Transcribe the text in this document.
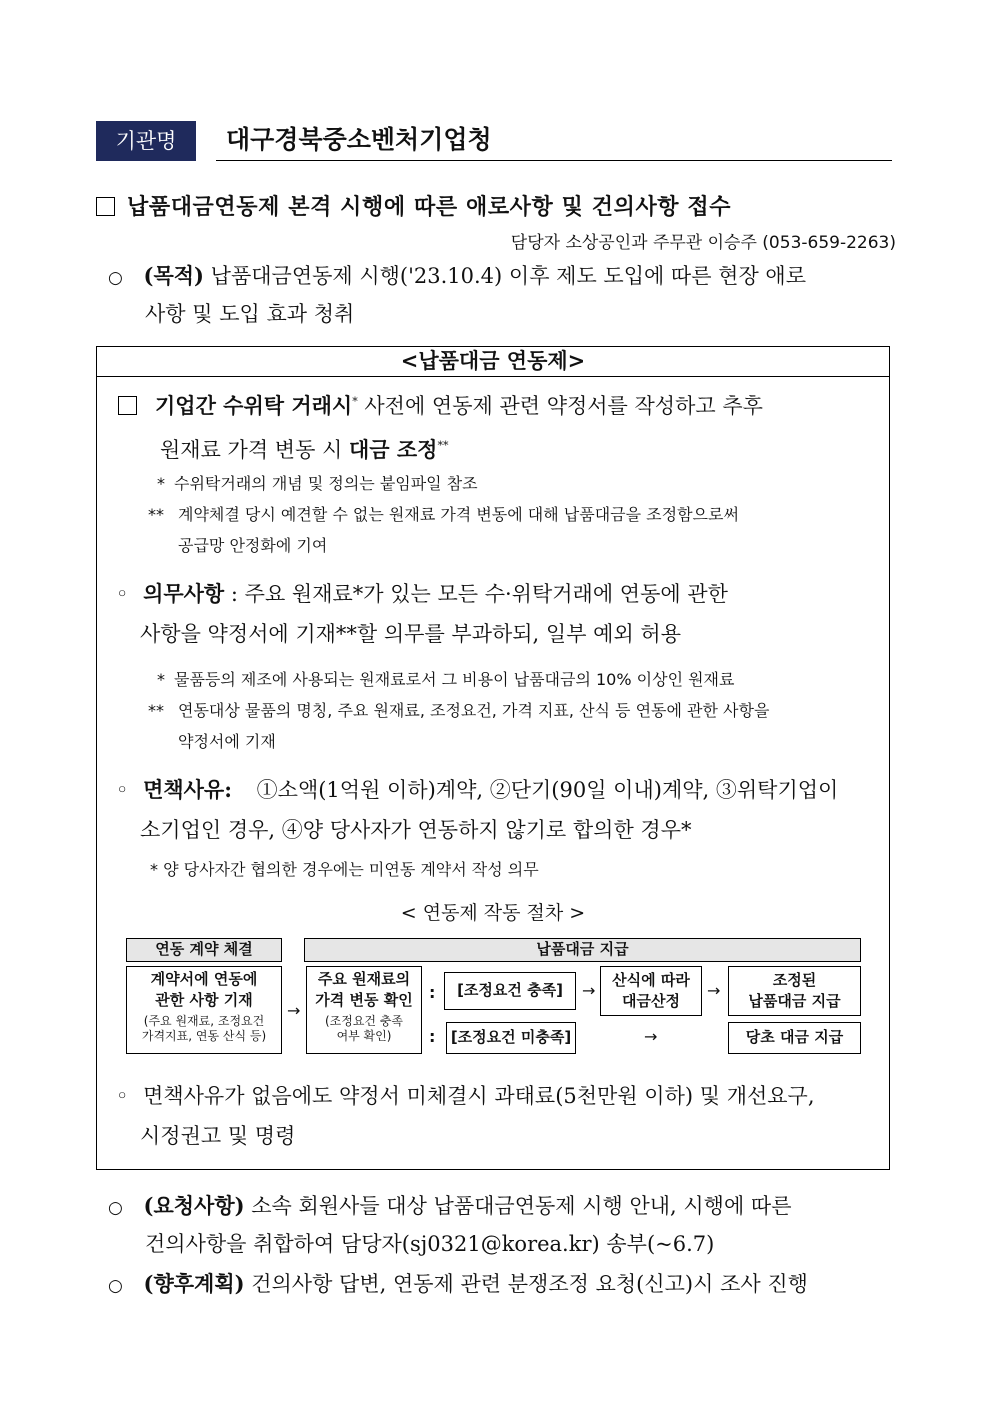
기관명	대구경북중소벤처기업청
납품대금연동제 본격 시행에 따른 애로사항 및 건의사항 접수
담당자 소상공인과 주무관 이승주 (053-659-2263)
○ (목적) 납품대금연동제 시행('23.10.4) 이후 제도 도입에 따른 현장 애로
사항 및 도입 효과 청취
<납품대금 연동제>
기업간 수위탁 거래시* 사전에 연동제 관련 약정서를 작성하고 추후
원재료 가격 변동 시 대금 조정**
* 수위탁거래의 개념 및 정의는 붙임파일 참조
** 계약체결 당시 예견할 수 없는 원재료 가격 변동에 대해 납품대금을 조정함으로써
공급망 안정화에 기여
◦ 의무사항 : 주요 원재료*가 있는 모든 수·위탁거래에 연동에 관한
사항을 약정서에 기재**할 의무를 부과하되, 일부 예외 허용
* 물품등의 제조에 사용되는 원재료로서 그 비용이 납품대금의 10% 이상인 원재료
** 연동대상 물품의 명칭, 주요 원재료, 조정요건, 가격 지표, 산식 등 연동에 관한 사항을
약정서에 기재
◦ 면책사유: ①소액(1억원 이하)계약, ②단기(90일 이내)계약, ③위탁기업이
소기업인 경우, ④양 당사자가 연동하지 않기로 합의한 경우*
* 양 당사자간 협의한 경우에는 미연동 계약서 작성 의무
< 연동제 작동 절차 >
연동 계약 체결	납품대금 지급
계약서에 연동에
관한 사항 기재
(주요 원재료, 조정요건
가격지표, 연동 산식 등)
→
주요 원재료의
가격 변동 확인
(조정요건 충족
여부 확인)
:
:
[조정요건 충족]	→
산식에 따라
대금산정
→
조정된
납품대금 지급
[조정요건 미충족]	→	당초 대금 지급
◦ 면책사유가 없음에도 약정서 미체결시 과태료(5천만원 이하) 및 개선요구,
시정권고 및 명령
○ (요청사항) 소속 회원사들 대상 납품대금연동제 시행 안내, 시행에 따른
건의사항을 취합하여 담당자(sj0321@korea.kr) 송부(~6.7)
○ (향후계획) 건의사항 답변, 연동제 관련 분쟁조정 요청(신고)시 조사 진행
